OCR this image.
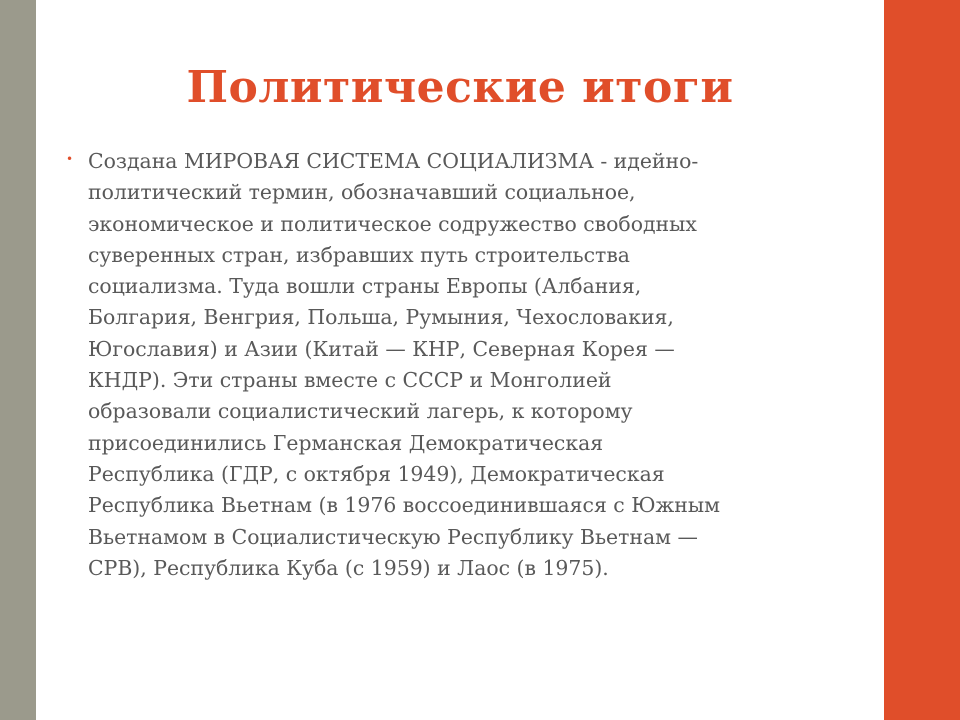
Политические итоги
• Создана МИРОВАЯ СИСТЕМА СОЦИАЛИЗМА - идейно-
политический термин, обозначавший социальное,
экономическое и политическое содружество свободных
суверенных стран, избравших путь строительства
социализма. Туда вошли страны Европы (Албания,
Болгария, Венгрия, Польша, Румыния, Чехословакия,
Югославия) и Азии (Китай — КНР, Северная Корея —
КНДР). Эти страны вместе с СССР и Монголией
образовали социалистический лагерь, к которому
присоединились Германская Демократическая
Республика (ГДР, с октября 1949), Демократическая
Республика Вьетнам (в 1976 воссоединившаяся с Южным
Вьетнамом в Социалистическую Республику Вьетнам —
СРВ), Республика Куба (с 1959) и Лаос (в 1975).
